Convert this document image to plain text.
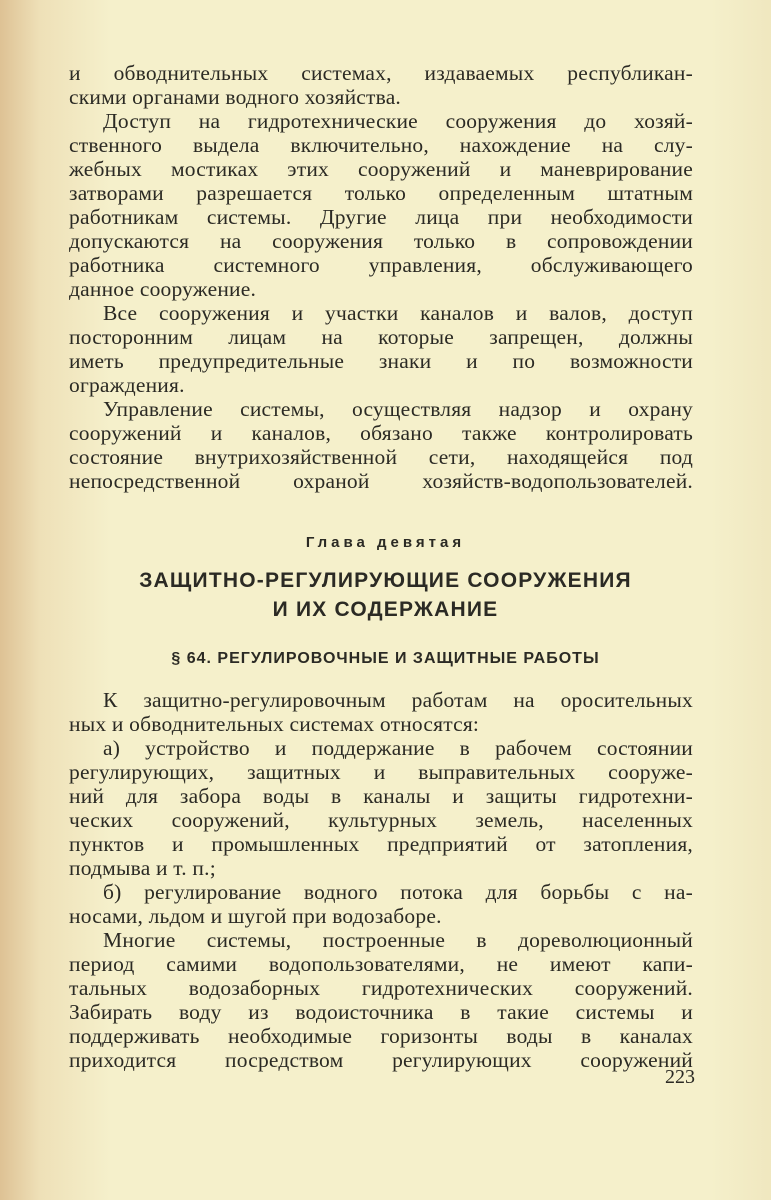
и обводнительных системах, издаваемых республикан-
скими органами водного хозяйства.
Доступ на гидротехнические сооружения до хозяй-
ственного выдела включительно, нахождение на слу-
жебных мостиках этих сооружений и маневрирование
затворами разрешается только определенным штатным
работникам системы. Другие лица при необходимости
допускаются на сооружения только в сопровождении
работника системного управления, обслуживающего
данное сооружение.
Все сооружения и участки каналов и валов, доступ
посторонним лицам на которые запрещен, должны
иметь предупредительные знаки и по возможности
ограждения.
Управление системы, осуществляя надзор и охрану
сооружений и каналов, обязано также контролировать
состояние внутрихозяйственной сети, находящейся под
непосредственной охраной хозяйств-водопользователей.
Глава девятая
ЗАЩИТНО-РЕГУЛИРУЮЩИЕ СООРУЖЕНИЯ
И ИХ СОДЕРЖАНИЕ
§ 64. РЕГУЛИРОВОЧНЫЕ И ЗАЩИТНЫЕ РАБОТЫ
К защитно-регулировочным работам на оросительных
ных и обводнительных системах относятся:
а) устройство и поддержание в рабочем состоянии
регулирующих, защитных и выправительных сооруже-
ний для забора воды в каналы и защиты гидротехни-
ческих сооружений, культурных земель, населенных
пунктов и промышленных предприятий от затопления,
подмыва и т. п.;
б) регулирование водного потока для борьбы с на-
носами, льдом и шугой при водозаборе.
Многие системы, построенные в дореволюционный
период самими водопользователями, не имеют капи-
тальных водозаборных гидротехнических сооружений.
Забирать воду из водоисточника в такие системы и
поддерживать необходимые горизонты воды в каналах
приходится посредством регулирующих сооружений
223
